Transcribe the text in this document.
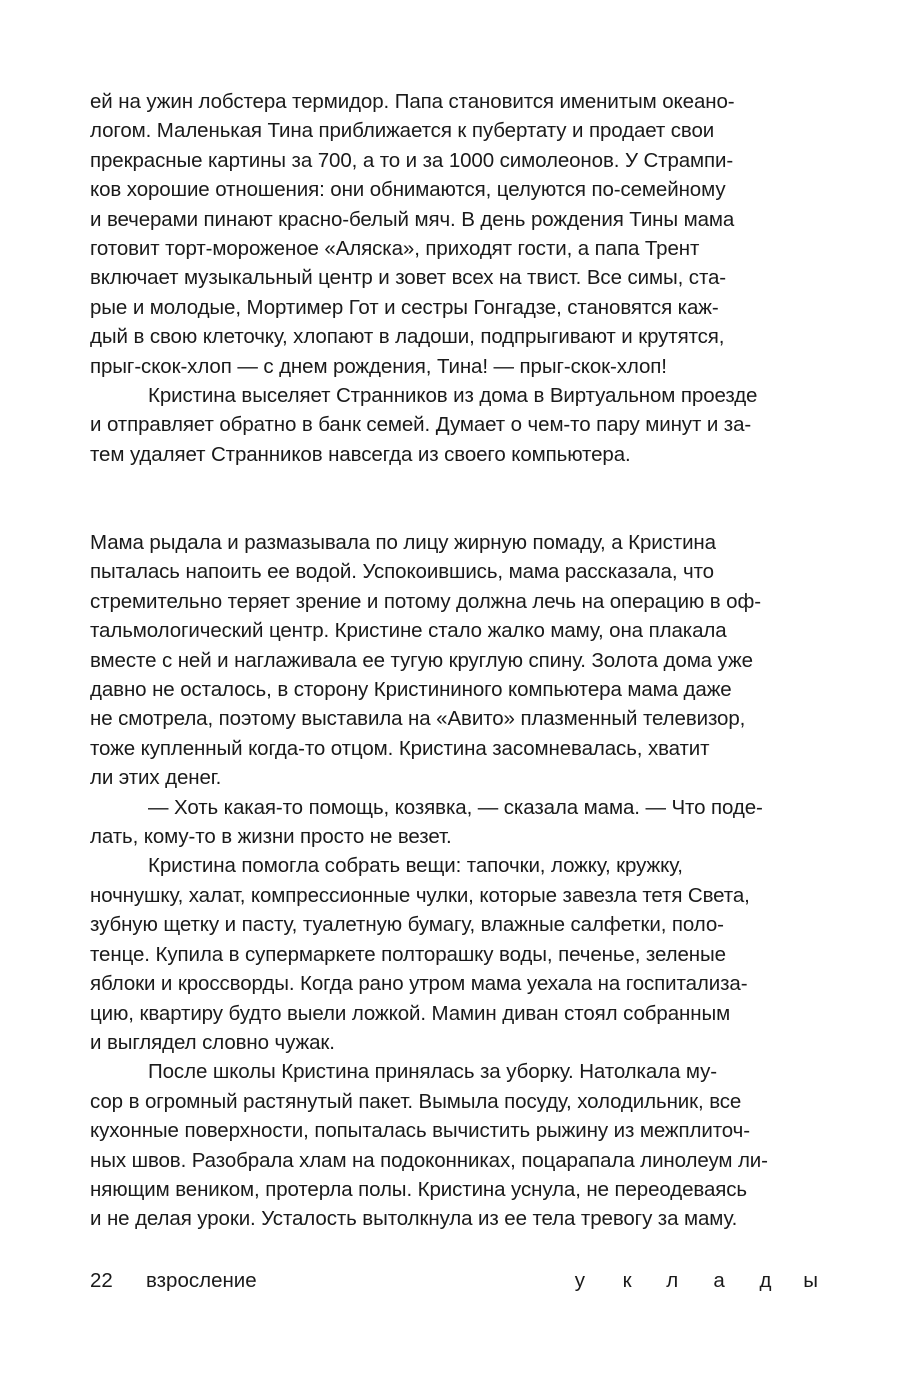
ей на ужин лобстера термидор. Папа становится именитым океано-
логом. Маленькая Тина приближается к пубертату и продает свои
прекрасные картины за 700, а то и за 1000 симолеонов. У Стрампи-
ков хорошие отношения: они обнимаются, целуются по-семейному
и вечерами пинают красно-белый мяч. В день рождения Тины мама
готовит торт-мороженое «Аляска», приходят гости, а папа Трент
включает музыкальный центр и зовет всех на твист. Все симы, ста-
рые и молодые, Мортимер Гот и сестры Гонгадзе, становятся каж-
дый в свою клеточку, хлопают в ладоши, подпрыгивают и крутятся,
прыг-скок-хлоп — с днем рождения, Тина! — прыг-скок-хлоп!
Кристина выселяет Странников из дома в Виртуальном проезде
и отправляет обратно в банк семей. Думает о чем-то пару минут и за-
тем удаляет Странников навсегда из своего компьютера.
Мама рыдала и размазывала по лицу жирную помаду, а Кристина
пыталась напоить ее водой. Успокоившись, мама рассказала, что
стремительно теряет зрение и потому должна лечь на операцию в оф-
тальмологический центр. Кристине стало жалко маму, она плакала
вместе с ней и наглаживала ее тугую круглую спину. Золота дома уже
давно не осталось, в сторону Кристининого компьютера мама даже
не смотрела, поэтому выставила на «Авито» плазменный телевизор,
тоже купленный когда-то отцом. Кристина засомневалась, хватит
ли этих денег.
— Хоть какая-то помощь, козявка, — сказала мама. — Что поде-
лать, кому-то в жизни просто не везет.
Кристина помогла собрать вещи: тапочки, ложку, кружку,
ночнушку, халат, компрессионные чулки, которые завезла тетя Света,
зубную щетку и пасту, туалетную бумагу, влажные салфетки, поло-
тенце. Купила в супермаркете полторашку воды, печенье, зеленые
яблоки и кроссворды. Когда рано утром мама уехала на госпитализа-
цию, квартиру будто выели ложкой. Мамин диван стоял собранным
и выглядел словно чужак.
После школы Кристина принялась за уборку. Натолкала му-
сор в огромный растянутый пакет. Вымыла посуду, холодильник, все
кухонные поверхности, попыталась вычистить рыжину из межплиточ-
ных швов. Разобрала хлам на подоконниках, поцарапала линолеум ли-
няющим веником, протерла полы. Кристина уснула, не переодеваясь
и не делая уроки. Усталость вытолкнула из ее тела тревогу за маму.
22 взросление	у	к	л	а	д	ы
